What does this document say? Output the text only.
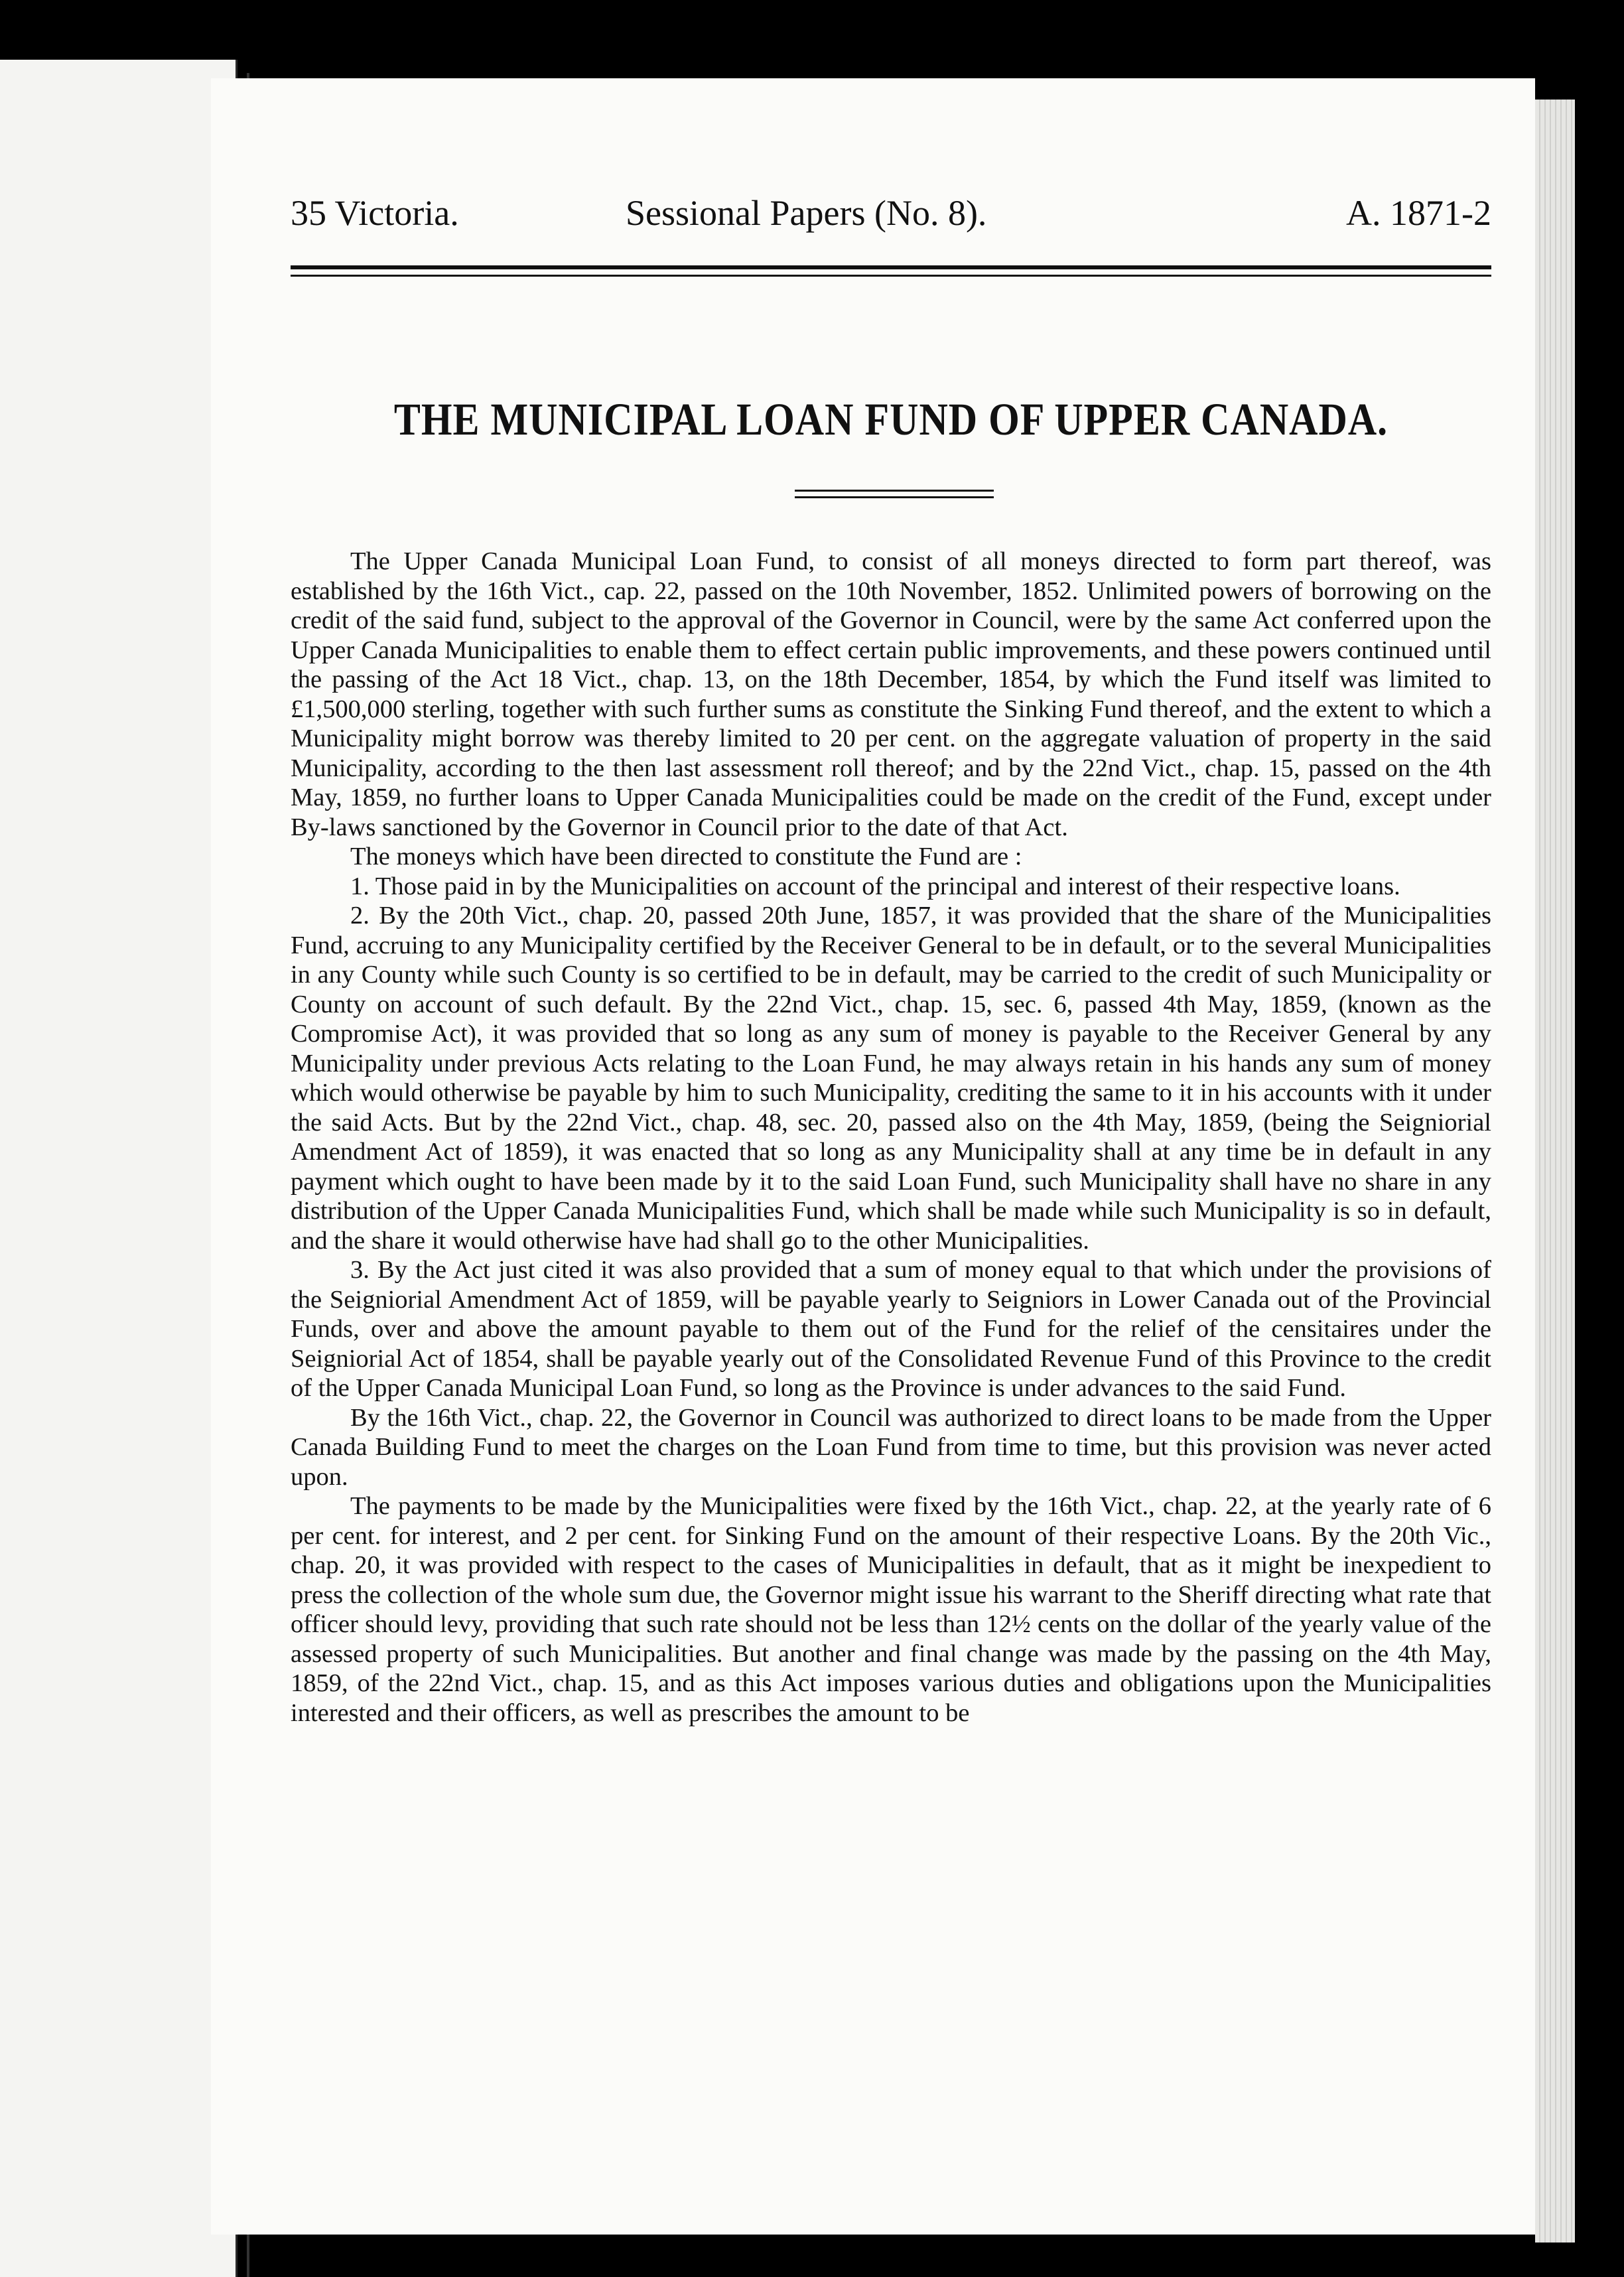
35 Victoria.	Sessional Papers (No. 8).	A. 1871-2
THE MUNICIPAL LOAN FUND OF UPPER CANADA.

The Upper Canada Municipal Loan Fund, to consist of all moneys directed to form part thereof, was established by the 16th Vict., cap. 22, passed on the 10th November, 1852. Unlimited powers of borrowing on the credit of the said fund, subject to the approval of the Governor in Council, were by the same Act conferred upon the Upper Canada Municipalities to enable them to effect certain public improvements, and these powers continued until the passing of the Act 18 Vict., chap. 13, on the 18th December, 1854, by which the Fund itself was limited to £1,500,000 sterling, together with such further sums as constitute the Sinking Fund thereof, and the extent to which a Municipality might borrow was thereby limited to 20 per cent. on the aggregate valuation of property in the said Municipality, according to the then last assessment roll thereof; and by the 22nd Vict., chap. 15, passed on the 4th May, 1859, no further loans to Upper Canada Municipalities could be made on the credit of the Fund, except under By-laws sanctioned by the Governor in Council prior to the date of that Act.

The moneys which have been directed to constitute the Fund are :

1. Those paid in by the Municipalities on account of the principal and interest of their respective loans.

2. By the 20th Vict., chap. 20, passed 20th June, 1857, it was provided that the share of the Municipalities Fund, accruing to any Municipality certified by the Receiver General to be in default, or to the several Municipalities in any County while such County is so certified to be in default, may be carried to the credit of such Municipality or County on account of such default. By the 22nd Vict., chap. 15, sec. 6, passed 4th May, 1859, (known as the Compromise Act), it was provided that so long as any sum of money is payable to the Receiver General by any Municipality under previous Acts relating to the Loan Fund, he may always retain in his hands any sum of money which would otherwise be payable by him to such Municipality, crediting the same to it in his accounts with it under the said Acts. But by the 22nd Vict., chap. 48, sec. 20, passed also on the 4th May, 1859, (being the Seigniorial Amendment Act of 1859), it was enacted that so long as any Municipality shall at any time be in default in any payment which ought to have been made by it to the said Loan Fund, such Municipality shall have no share in any distribution of the Upper Canada Municipalities Fund, which shall be made while such Municipality is so in default, and the share it would otherwise have had shall go to the other Municipalities.

3. By the Act just cited it was also provided that a sum of money equal to that which under the provisions of the Seigniorial Amendment Act of 1859, will be payable yearly to Seigniors in Lower Canada out of the Provincial Funds, over and above the amount payable to them out of the Fund for the relief of the censitaires under the Seigniorial Act of 1854, shall be payable yearly out of the Consolidated Revenue Fund of this Province to the credit of the Upper Canada Municipal Loan Fund, so long as the Province is under advances to the said Fund.

By the 16th Vict., chap. 22, the Governor in Council was authorized to direct loans to be made from the Upper Canada Building Fund to meet the charges on the Loan Fund from time to time, but this provision was never acted upon.

The payments to be made by the Municipalities were fixed by the 16th Vict., chap. 22, at the yearly rate of 6 per cent. for interest, and 2 per cent. for Sinking Fund on the amount of their respective Loans. By the 20th Vic., chap. 20, it was provided with respect to the cases of Municipalities in default, that as it might be inexpedient to press the collection of the whole sum due, the Governor might issue his warrant to the Sheriff directing what rate that officer should levy, providing that such rate should not be less than 12½ cents on the dollar of the yearly value of the assessed property of such Municipalities. But another and final change was made by the passing on the 4th May, 1859, of the 22nd Vict., chap. 15, and as this Act imposes various duties and obligations upon the Municipalities interested and their officers, as well as prescribes the amount to be
